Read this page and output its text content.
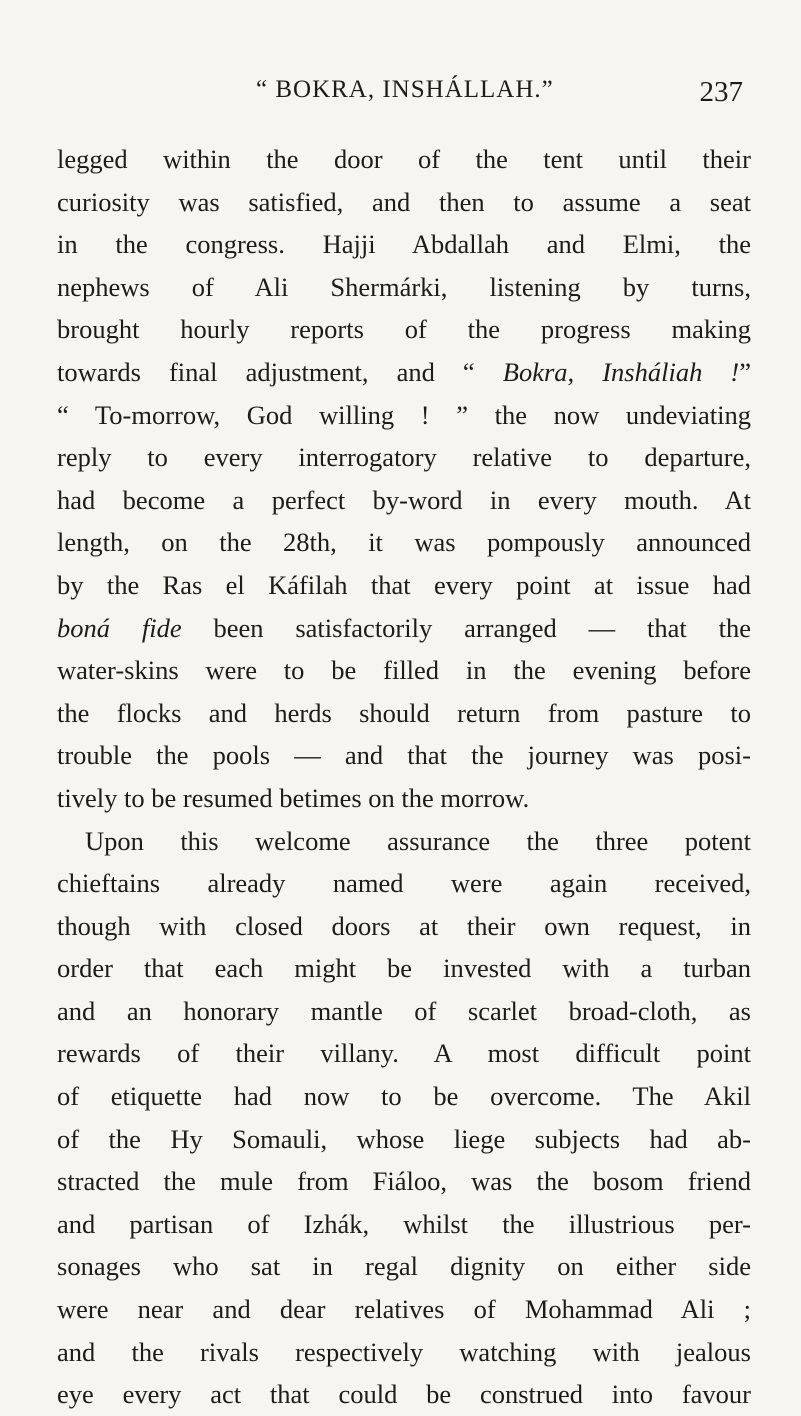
“ BOKRA, INSHÁLLAH.”	237
legged within the door of the tent until their
curiosity was satisfied, and then to assume a seat
in the congress. Hajji Abdallah and Elmi, the
nephews of Ali Shermárki, listening by turns,
brought hourly reports of the progress making
towards final adjustment, and “ Bokra, Insháliah !”
“ To-morrow, God willing ! ” the now undeviating
reply to every interrogatory relative to departure,
had become a perfect by-word in every mouth. At
length, on the 28th, it was pompously announced
by the Ras el Káfilah that every point at issue had
boná fide been satisfactorily arranged — that the
water-skins were to be filled in the evening before
the flocks and herds should return from pasture to
trouble the pools — and that the journey was posi-
tively to be resumed betimes on the morrow.
Upon this welcome assurance the three potent
chieftains already named were again received,
though with closed doors at their own request, in
order that each might be invested with a turban
and an honorary mantle of scarlet broad-cloth, as
rewards of their villany. A most difficult point
of etiquette had now to be overcome. The Akil
of the Hy Somauli, whose liege subjects had ab-
stracted the mule from Fiáloo, was the bosom friend
and partisan of Izhák, whilst the illustrious per-
sonages who sat in regal dignity on either side
were near and dear relatives of Mohammad Ali ;
and the rivals respectively watching with jealous
eye every act that could be construed into favour
